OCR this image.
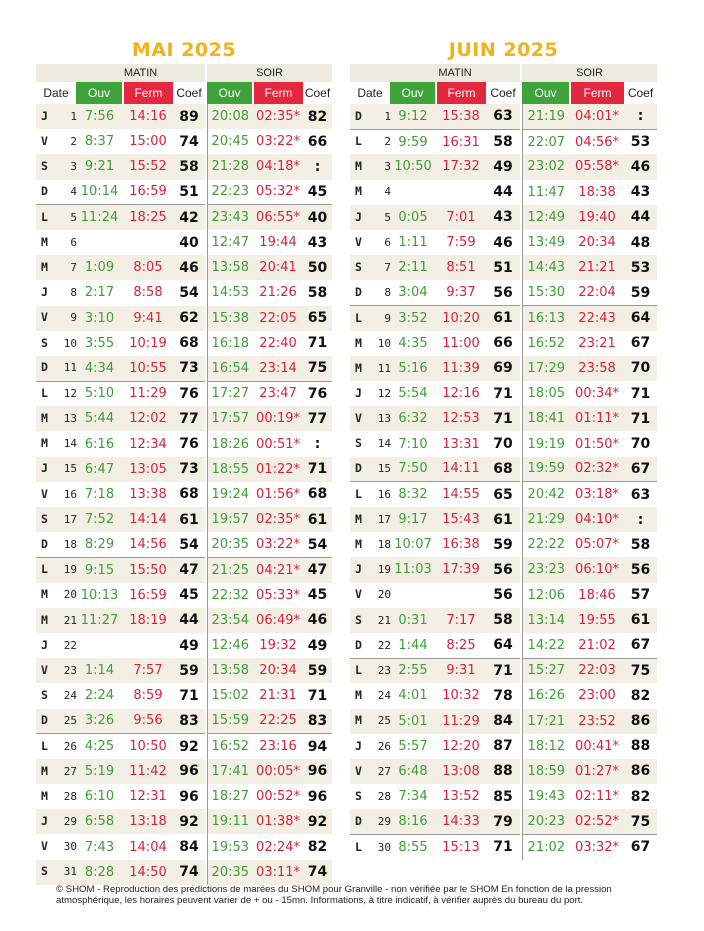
MAI 2025
	MATIN				SOIR		
Date	Ouv	Ferm	Coef		Ouv	Ferm	Coef
J 1	7:56	14:16	89		20:08	02:35*	82
V 2	8:37	15:00	74		20:45	03:22*	66
S 3	9:21	15:52	58		21:28	04:18*	:
D 4	10:14	16:59	51		22:23	05:32*	45
L 5	11:24	18:25	42		23:43	06:55*	40
M 6			40		12:47	19:44	43
M 7	1:09	8:05	46		13:58	20:41	50
J 8	2:17	8:58	54		14:53	21:26	58
V 9	3:10	9:41	62		15:38	22:05	65
S 10	3:55	10:19	68		16:18	22:40	71
D 11	4:34	10:55	73		16:54	23:14	75
L 12	5:10	11:29	76		17:27	23:47	76
M 13	5:44	12:02	77		17:57	00:19*	77
M 14	6:16	12:34	76		18:26	00:51*	:
J 15	6:47	13:05	73		18:55	01:22*	71
V 16	7:18	13:38	68		19:24	01:56*	68
S 17	7:52	14:14	61		19:57	02:35*	61
D 18	8:29	14:56	54		20:35	03:22*	54
L 19	9:15	15:50	47		21:25	04:21*	47
M 20	10:13	16:59	45		22:32	05:33*	45
M 21	11:27	18:19	44		23:54	06:49*	46
J 22			49		12:46	19:32	49
V 23	1:14	7:57	59		13:58	20:34	59
S 24	2:24	8:59	71		15:02	21:31	71
D 25	3:26	9:56	83		15:59	22:25	83
L 26	4:25	10:50	92		16:52	23:16	94
M 27	5:19	11:42	96		17:41	00:05*	96
M 28	6:10	12:31	96		18:27	00:52*	96
J 29	6:58	13:18	92		19:11	01:38*	92
V 30	7:43	14:04	84		19:53	02:24*	82
S 31	8:28	14:50	74		20:35	03:11*	74
JUIN 2025
	MATIN				SOIR		
Date	Ouv	Ferm	Coef		Ouv	Ferm	Coef
D 1	9:12	15:38	63		21:19	04:01*	:
L 2	9:59	16:31	58		22:07	04:56*	53
M 3	10:50	17:32	49		23:02	05:58*	46
M 4			44		11:47	18:38	43
J 5	0:05	7:01	43		12:49	19:40	44
V 6	1:11	7:59	46		13:49	20:34	48
S 7	2:11	8:51	51		14:43	21:21	53
D 8	3:04	9:37	56		15:30	22:04	59
L 9	3:52	10:20	61		16:13	22:43	64
M 10	4:35	11:00	66		16:52	23:21	67
M 11	5:16	11:39	69		17:29	23:58	70
J 12	5:54	12:16	71		18:05	00:34*	71
V 13	6:32	12:53	71		18:41	01:11*	71
S 14	7:10	13:31	70		19:19	01:50*	70
D 15	7:50	14:11	68		19:59	02:32*	67
L 16	8:32	14:55	65		20:42	03:18*	63
M 17	9:17	15:43	61		21:29	04:10*	:
M 18	10:07	16:38	59		22:22	05:07*	58
J 19	11:03	17:39	56		23:23	06:10*	56
V 20			56		12:06	18:46	57
S 21	0:31	7:17	58		13:14	19:55	61
D 22	1:44	8:25	64		14:22	21:02	67
L 23	2:55	9:31	71		15:27	22:03	75
M 24	4:01	10:32	78		16:26	23:00	82
M 25	5:01	11:29	84		17:21	23:52	86
J 26	5:57	12:20	87		18:12	00:41*	88
V 27	6:48	13:08	88		18:59	01:27*	86
S 28	7:34	13:52	85		19:43	02:11*	82
D 29	8:16	14:33	79		20:23	02:52*	75
L 30	8:55	15:13	71		21:02	03:32*	67
© SHOM - Reproduction des prédictions de marées du SHOM pour Granville - non vérifiée par le SHOM En fonction de la pression
atmosphérique, les horaires peuvent varier de + ou - 15mn. Informations, à titre indicatif, à vérifier auprès du bureau du port.
